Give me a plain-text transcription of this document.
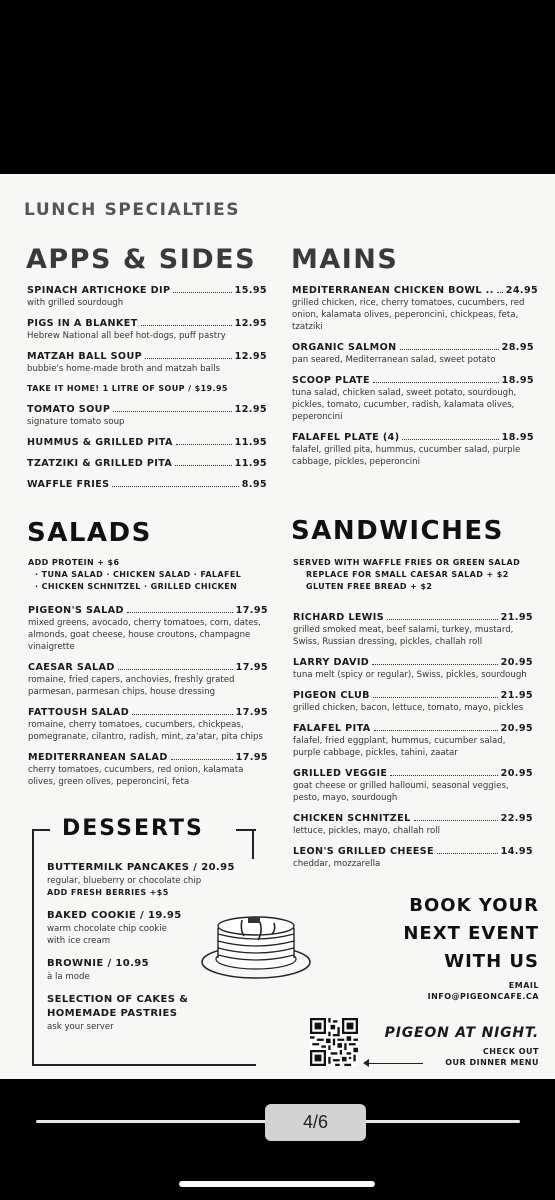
LUNCH SPECIALTIES
APPS & SIDES
SPINACH ARTICHOKE DIP	15.95
with grilled sourdough
PIGS IN A BLANKET	12.95
Hebrew National all beef hot-dogs, puff pastry
MATZAH BALL SOUP	12.95
bubbie's home-made broth and matzah balls
TAKE IT HOME! 1 LITRE OF SOUP / $19.95
TOMATO SOUP	12.95
signature tomato soup
HUMMUS & GRILLED PITA	11.95
TZATZIKI & GRILLED PITA	11.95
WAFFLE FRIES	8.95
MAINS
MEDITERRANEAN CHICKEN BOWL .. 24.95
grilled chicken, rice, cherry tomatoes, cucumbers, red onion, kalamata olives, peperoncini, chickpeas, feta, tzatziki
ORGANIC SALMON	28.95
pan seared, Mediterranean salad, sweet potato
SCOOP PLATE	18.95
tuna salad, chicken salad, sweet potato, sourdough, pickles, tomato, cucumber, radish, kalamata olives, peperoncini
FALAFEL PLATE (4)	18.95
falafel, grilled pita, hummus, cucumber salad, purple cabbage, pickles, peperoncini
SALADS
ADD PROTEIN + $6
· TUNA SALAD · CHICKEN SALAD · FALAFEL
· CHICKEN SCHNITZEL · GRILLED CHICKEN
PIGEON'S SALAD	17.95
mixed greens, avocado, cherry tomatoes, corn, dates, almonds, goat cheese, house croutons, champagne vinaigrette
CAESAR SALAD	17.95
romaine, fried capers, anchovies, freshly grated parmesan, parmesan chips, house dressing
FATTOUSH SALAD	17.95
romaine, cherry tomatoes, cucumbers, chickpeas, pomegranate, cilantro, radish, mint, za'atar, pita chips
MEDITERRANEAN SALAD	17.95
cherry tomatoes, cucumbers, red onion, kalamata olives, green olives, peperoncini, feta
SANDWICHES
SERVED WITH WAFFLE FRIES OR GREEN SALAD
REPLACE FOR SMALL CAESAR SALAD + $2
GLUTEN FREE BREAD + $2
RICHARD LEWIS	21.95
grilled smoked meat, beef salami, turkey, mustard, Swiss, Russian dressing, pickles, challah roll
LARRY DAVID	20.95
tuna melt (spicy or regular), Swiss, pickles, sourdough
PIGEON CLUB	21.95
grilled chicken, bacon, lettuce, tomato, mayo, pickles
FALAFEL PITA	20.95
falafel, fried eggplant, hummus, cucumber salad, purple cabbage, pickles, tahini, zaatar
GRILLED VEGGIE	20.95
goat cheese or grilled halloumi, seasonal veggies, pesto, mayo, sourdough
CHICKEN SCHNITZEL	22.95
lettuce, pickles, mayo, challah roll
LEON'S GRILLED CHEESE	14.95
cheddar, mozzarella
DESSERTS
BUTTERMILK PANCAKES / 20.95
regular, blueberry or chocolate chip
ADD FRESH BERRIES +$5
BAKED COOKIE / 19.95
warm chocolate chip cookie
with ice cream
BROWNIE / 10.95
à la mode
SELECTION OF CAKES &
HOMEMADE PASTRIES
ask your server
BOOK YOUR
NEXT EVENT
WITH US
EMAIL
INFO@PIGEONCAFE.CA
PIGEON AT NIGHT.
CHECK OUT
OUR DINNER MENU
4/6
